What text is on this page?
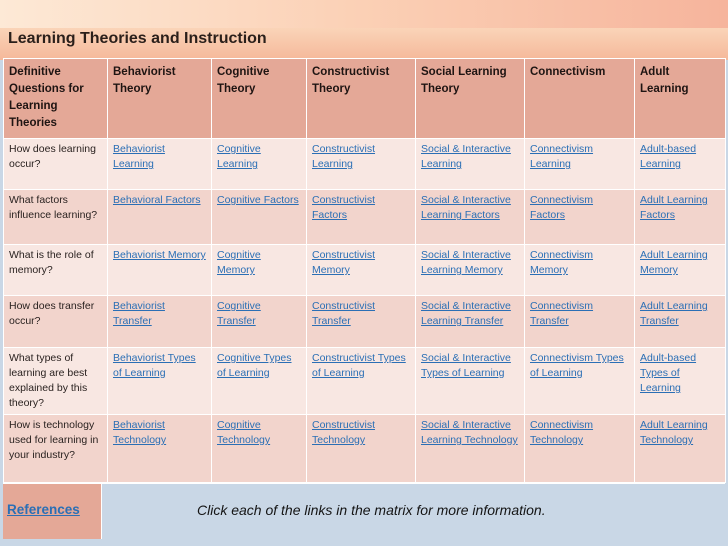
Learning Theories and Instruction
Definitive Questions for Learning Theories	Behaviorist Theory	Cognitive Theory	Constructivist Theory	Social Learning Theory	Connectivism	Adult Learning
How does learning occur?	Behaviorist Learning	Cognitive Learning	Constructivist Learning	Social & Interactive Learning	Connectivism Learning	Adult-based Learning
What factors influence learning?	Behavioral Factors	Cognitive Factors	Constructivist Factors	Social & Interactive Learning Factors	Connectivism Factors	Adult Learning Factors
What is the role of memory?	Behaviorist Memory	Cognitive Memory	Constructivist Memory	Social & Interactive Learning Memory	Connectivism Memory	Adult Learning Memory
How does transfer occur?	Behaviorist Transfer	Cognitive Transfer	Constructivist Transfer	Social & Interactive Learning Transfer	Connectivism Transfer	Adult Learning Transfer
What types of learning are best explained by this theory?	Behaviorist Types of Learning	Cognitive Types of Learning	Constructivist Types of Learning	Social & Interactive Types of Learning	Connectivism Types of Learning	Adult-based Types of Learning
How is technology used for learning in your industry?	Behaviorist Technology	Cognitive Technology	Constructivist Technology	Social & Interactive Learning Technology	Connectivism Technology	Adult Learning Technology
References	Click each of the links in the matrix for more information.
